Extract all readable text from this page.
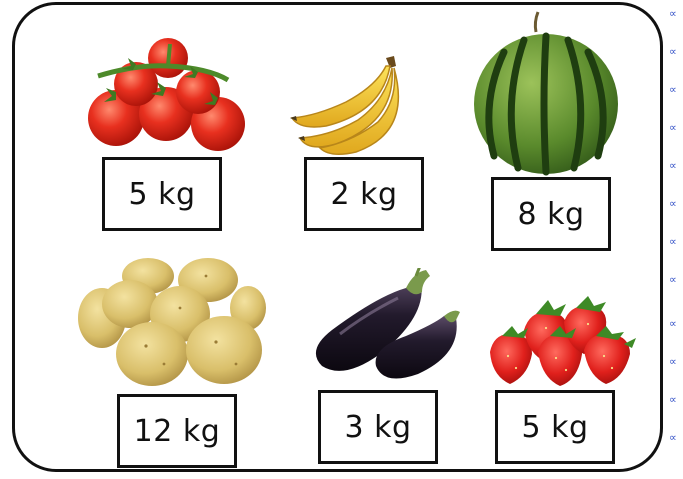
5 kg	2 kg
8 kg
12 kg	3 kg	5 kg
∝
∝
∝
∝
∝
∝
∝
∝
∝
∝
∝
∝
